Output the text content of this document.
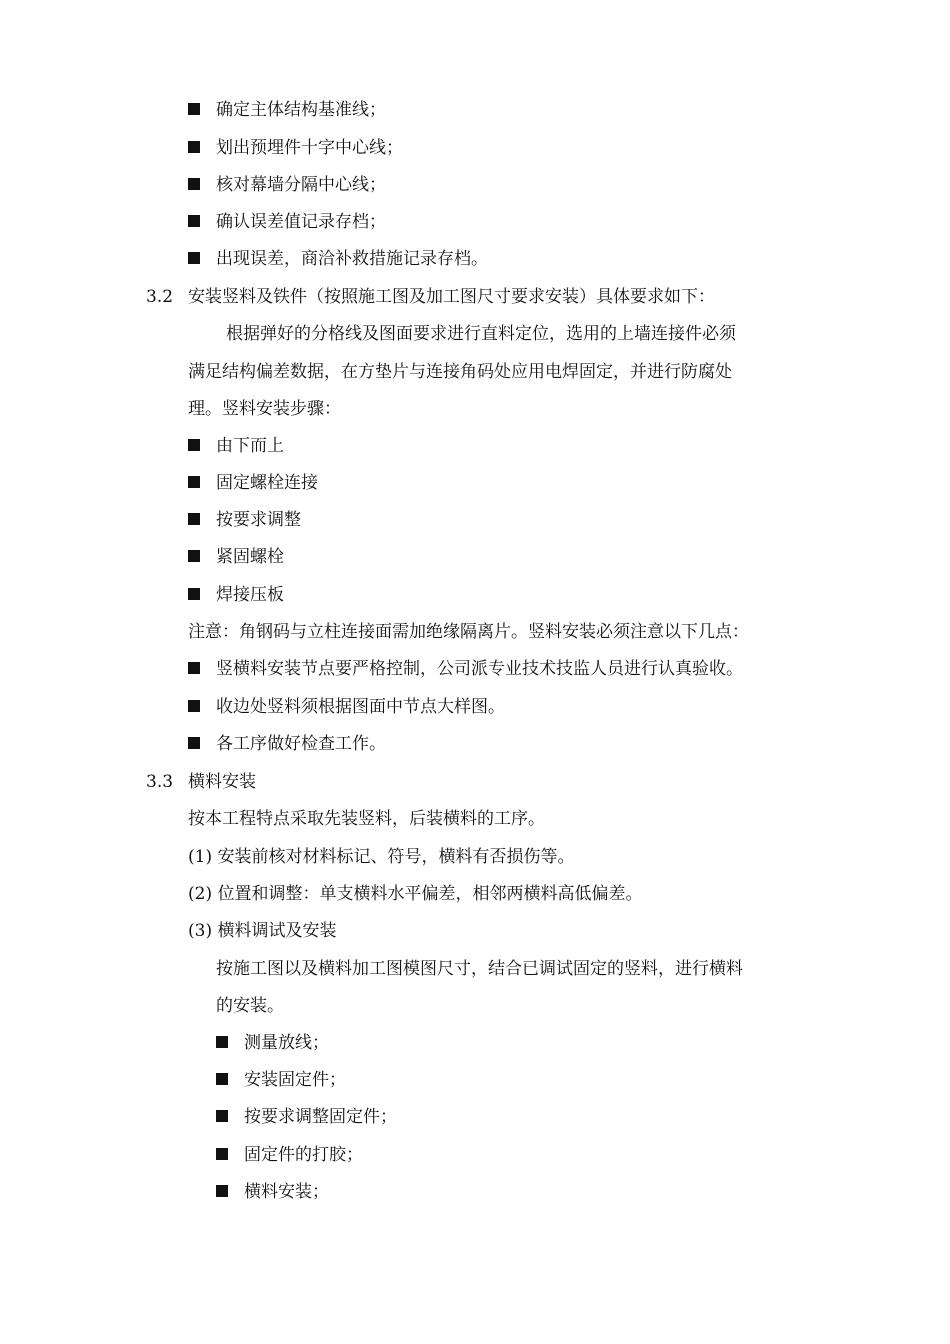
确定主体结构基准线；
划出预埋件十字中心线；
核对幕墙分隔中心线；
确认误差值记录存档；
出现误差，商洽补救措施记录存档。
3.2 安装竖料及铁件（按照施工图及加工图尺寸要求安装）具体要求如下：
根据弹好的分格线及图面要求进行直料定位，选用的上墙连接件必须
满足结构偏差数据，在方垫片与连接角码处应用电焊固定，并进行防腐处
理。竖料安装步骤：
由下而上
固定螺栓连接
按要求调整
紧固螺栓
焊接压板
注意：角钢码与立柱连接面需加绝缘隔离片。竖料安装必须注意以下几点：
竖横料安装节点要严格控制，公司派专业技术技监人员进行认真验收。
收边处竖料须根据图面中节点大样图。
各工序做好检查工作。
3.3 横料安装
按本工程特点采取先装竖料，后装横料的工序。
(1) 安装前核对材料标记、符号，横料有否损伤等。
(2) 位置和调整：单支横料水平偏差，相邻两横料高低偏差。
(3) 横料调试及安装
按施工图以及横料加工图模图尺寸，结合已调试固定的竖料，进行横料
的安装。
测量放线；
安装固定件；
按要求调整固定件；
固定件的打胶；
横料安装；
